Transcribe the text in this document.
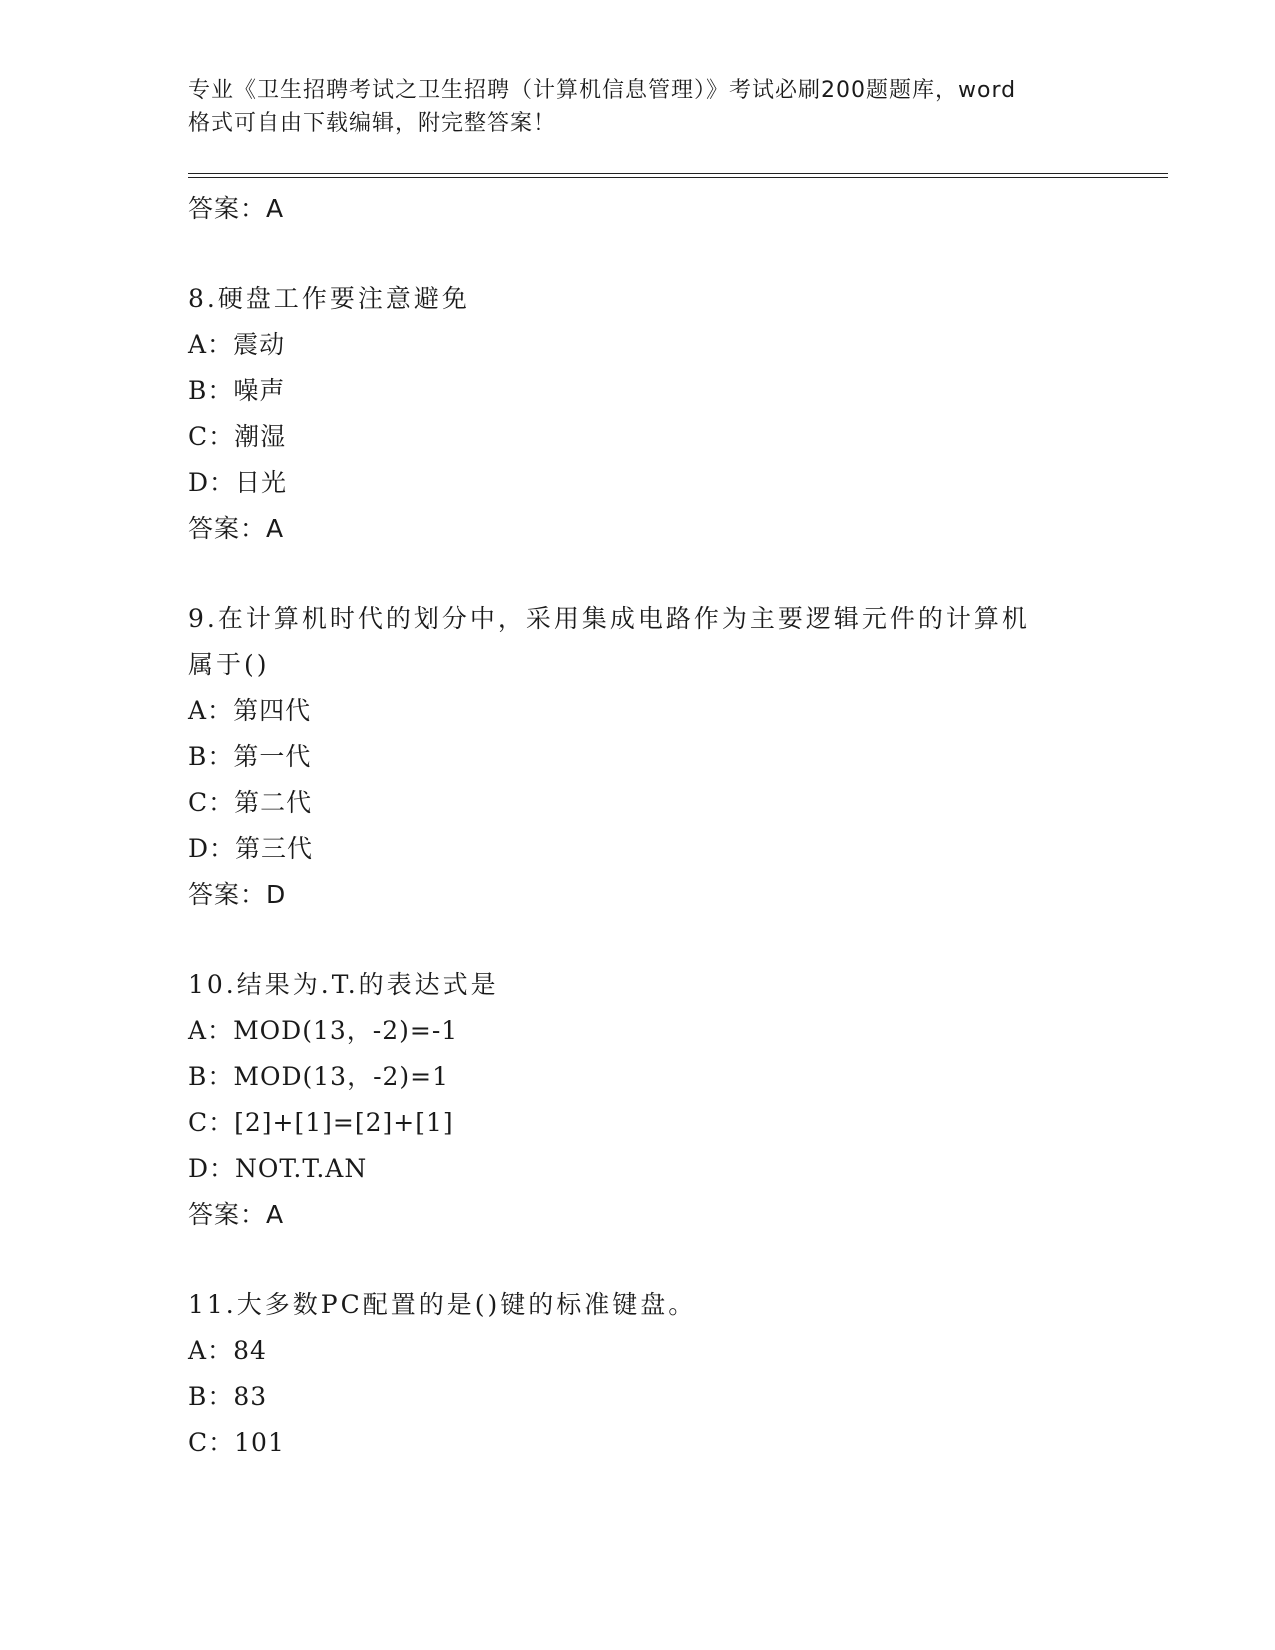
专业《卫生招聘考试之卫生招聘（计算机信息管理）》考试必刷200题题库，word

格式可自由下载编辑，附完整答案！

答案：A

8.硬盘工作要注意避免

A：震动

B：噪声

C：潮湿

D：日光

答案：A

9.在计算机时代的划分中，采用集成电路作为主要逻辑元件的计算机

属于()

A：第四代

B：第一代

C：第二代

D：第三代

答案：D

10.结果为.T.的表达式是

A：MOD(13，-2)=-1

B：MOD(13，-2)=1

C：[2]+[1]=[2]+[1]

D：NOT.T.AN

答案：A

11.大多数PC配置的是()键的标准键盘。

A：84

B：83

C：101
